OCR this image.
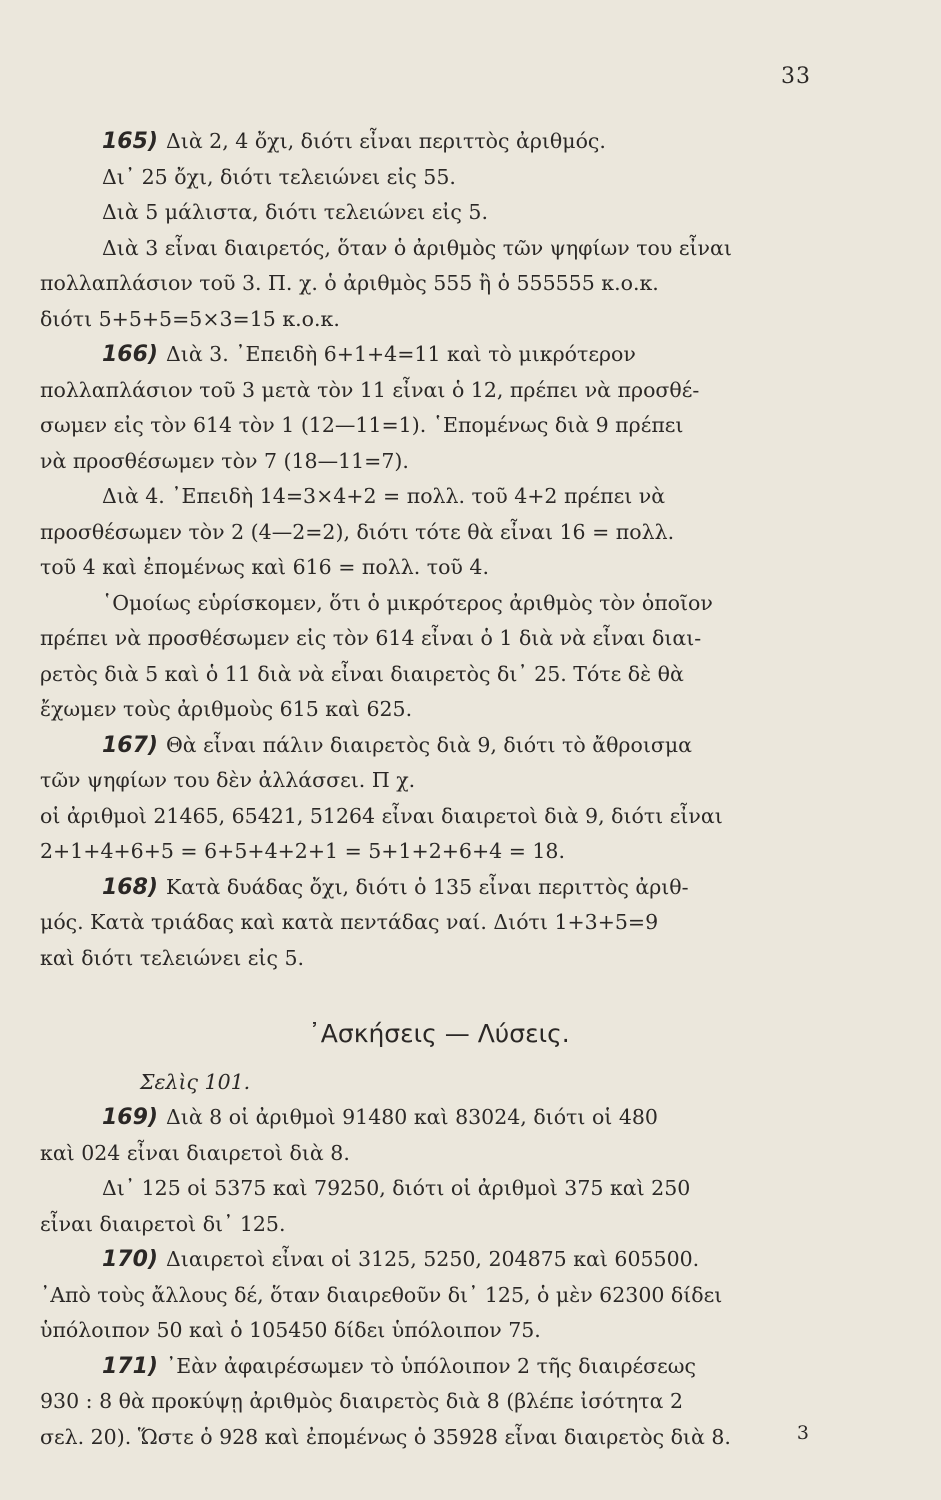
33
165) Διὰ 2, 4 ὄχι, διότι εἶναι περιττὸς ἀριθμός.
Δι᾿ 25 ὄχι, διότι τελειώνει εἰς 55.
Διὰ 5 μάλιστα, διότι τελειώνει εἰς 5.
Διὰ 3 εἶναι διαιρετός, ὅταν ὁ ἀριθμὸς τῶν ψηφίων του εἶναι
πολλαπλάσιον τοῦ 3. Π. χ. ὁ ἀριθμὸς 555 ἢ ὁ 555555 κ.ο.κ.
διότι 5+5+5=5×3=15 κ.ο.κ.
166) Διὰ 3. ᾿Επειδὴ 6+1+4=11 καὶ τὸ μικρότερον
πολλαπλάσιον τοῦ 3 μετὰ τὸν 11 εἶναι ὁ 12, πρέπει νὰ προσθέ-
σωμεν εἰς τὸν 614 τὸν 1 (12—11=1). ῾Επομένως διὰ 9 πρέπει
νὰ προσθέσωμεν τὸν 7 (18—11=7).
Διὰ 4. ᾿Επειδὴ 14=3×4+2 = πολλ. τοῦ 4+2 πρέπει νὰ
προσθέσωμεν τὸν 2 (4—2=2), διότι τότε θὰ εἶναι 16 = πολλ.
τοῦ 4 καὶ ἐπομένως καὶ 616 = πολλ. τοῦ 4.
῾Ομοίως εὑρίσκομεν, ὅτι ὁ μικρότερος ἀριθμὸς τὸν ὁποῖον
πρέπει νὰ προσθέσωμεν εἰς τὸν 614 εἶναι ὁ 1 διὰ νὰ εἶναι διαι-
ρετὸς διὰ 5 καὶ ὁ 11 διὰ νὰ εἶναι διαιρετὸς δι᾿ 25. Τότε δὲ θὰ
ἔχωμεν τοὺς ἀριθμοὺς 615 καὶ 625.
167) Θὰ εἶναι πάλιν διαιρετὸς διὰ 9, διότι τὸ ἄθροισμα
τῶν ψηφίων του δὲν ἀλλάσσει. Π χ.
οἱ ἀριθμοὶ 21465, 65421, 51264 εἶναι διαιρετοὶ διὰ 9, διότι εἶναι
2+1+4+6+5 = 6+5+4+2+1 = 5+1+2+6+4 = 18.
168) Κατὰ δυάδας ὄχι, διότι ὁ 135 εἶναι περιττὸς ἀριθ-
μός. Κατὰ τριάδας καὶ κατὰ πεντάδας ναί. Διότι 1+3+5=9
καὶ διότι τελειώνει εἰς 5.
᾿Ασκήσεις — Λύσεις.
Σελὶς 101.
169) Διὰ 8 οἱ ἀριθμοὶ 91480 καὶ 83024, διότι οἱ 480
καὶ 024 εἶναι διαιρετοὶ διὰ 8.
Δι᾿ 125 οἱ 5375 καὶ 79250, διότι οἱ ἀριθμοὶ 375 καὶ 250
εἶναι διαιρετοὶ δι᾿ 125.
170) Διαιρετοὶ εἶναι οἱ 3125, 5250, 204875 καὶ 605500.
᾿Απὸ τοὺς ἄλλους δέ, ὅταν διαιρεθοῦν δι᾿ 125, ὁ μὲν 62300 δίδει
ὑπόλοιπον 50 καὶ ὁ 105450 δίδει ὑπόλοιπον 75.
171) ᾿Εὰν ἀφαιρέσωμεν τὸ ὑπόλοιπον 2 τῆς διαιρέσεως
930 : 8 θὰ προκύψῃ ἀριθμὸς διαιρετὸς διὰ 8 (βλέπε ἰσότητα 2
σελ. 20). Ὥστε ὁ 928 καὶ ἐπομένως ὁ 35928 εἶναι διαιρετὸς διὰ 8.	3
